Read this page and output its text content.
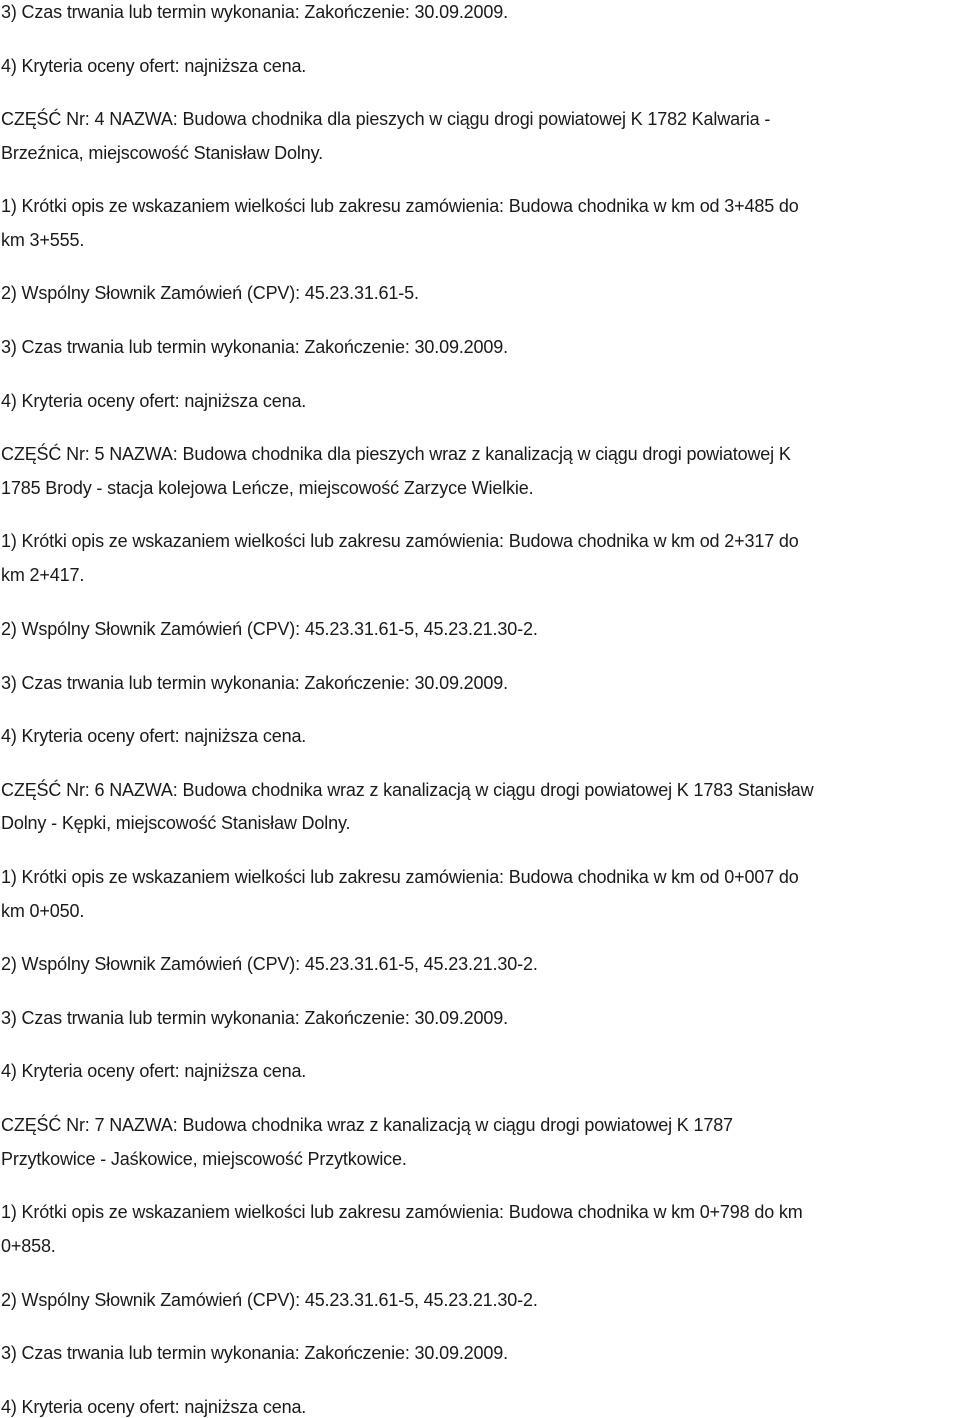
3) Czas trwania lub termin wykonania: Zakończenie: 30.09.2009.
4) Kryteria oceny ofert: najniższa cena.
CZĘŚĆ Nr: 4 NAZWA: Budowa chodnika dla pieszych w ciągu drogi powiatowej K 1782 Kalwaria -
Brzeźnica, miejscowość Stanisław Dolny.
1) Krótki opis ze wskazaniem wielkości lub zakresu zamówienia: Budowa chodnika w km od 3+485 do
km 3+555.
2) Wspólny Słownik Zamówień (CPV): 45.23.31.61-5.
3) Czas trwania lub termin wykonania: Zakończenie: 30.09.2009.
4) Kryteria oceny ofert: najniższa cena.
CZĘŚĆ Nr: 5 NAZWA: Budowa chodnika dla pieszych wraz z kanalizacją w ciągu drogi powiatowej K
1785 Brody - stacja kolejowa Leńcze, miejscowość Zarzyce Wielkie.
1) Krótki opis ze wskazaniem wielkości lub zakresu zamówienia: Budowa chodnika w km od 2+317 do
km 2+417.
2) Wspólny Słownik Zamówień (CPV): 45.23.31.61-5, 45.23.21.30-2.
3) Czas trwania lub termin wykonania: Zakończenie: 30.09.2009.
4) Kryteria oceny ofert: najniższa cena.
CZĘŚĆ Nr: 6 NAZWA: Budowa chodnika wraz z kanalizacją w ciągu drogi powiatowej K 1783 Stanisław
Dolny - Kępki, miejscowość Stanisław Dolny.
1) Krótki opis ze wskazaniem wielkości lub zakresu zamówienia: Budowa chodnika w km od 0+007 do
km 0+050.
2) Wspólny Słownik Zamówień (CPV): 45.23.31.61-5, 45.23.21.30-2.
3) Czas trwania lub termin wykonania: Zakończenie: 30.09.2009.
4) Kryteria oceny ofert: najniższa cena.
CZĘŚĆ Nr: 7 NAZWA: Budowa chodnika wraz z kanalizacją w ciągu drogi powiatowej K 1787
Przytkowice - Jaśkowice, miejscowość Przytkowice.
1) Krótki opis ze wskazaniem wielkości lub zakresu zamówienia: Budowa chodnika w km 0+798 do km
0+858.
2) Wspólny Słownik Zamówień (CPV): 45.23.31.61-5, 45.23.21.30-2.
3) Czas trwania lub termin wykonania: Zakończenie: 30.09.2009.
4) Kryteria oceny ofert: najniższa cena.
